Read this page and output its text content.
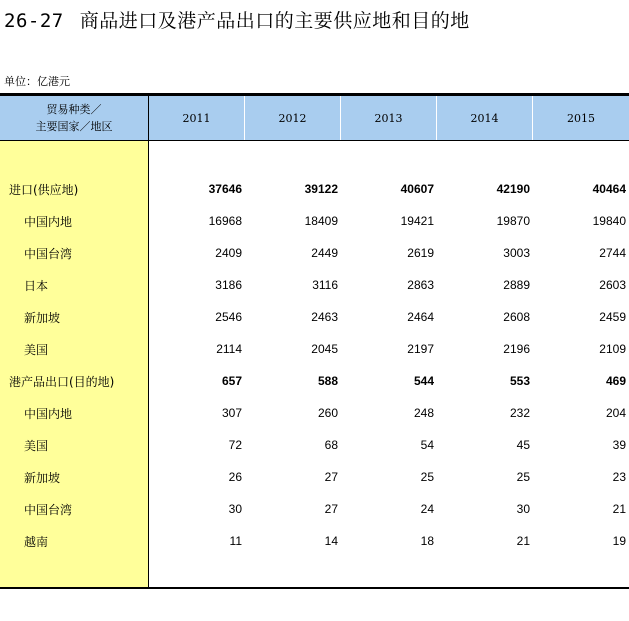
26-27 商品进口及港产品出口的主要供应地和目的地
单位：亿港元
贸易种类／
主要国家／地区
2011	2012	2013	2014	2015
进口(供应地)	37646	39122	40607	42190	40464
中国内地	16968	18409	19421	19870	19840
中国台湾	2409	2449	2619	3003	2744
日本	3186	3116	2863	2889	2603
新加坡	2546	2463	2464	2608	2459
美国	2114	2045	2197	2196	2109
港产品出口(目的地)	657	588	544	553	469
中国内地	307	260	248	232	204
美国	72	68	54	45	39
新加坡	26	27	25	25	23
中国台湾	30	27	24	30	21
越南	11	14	18	21	19
